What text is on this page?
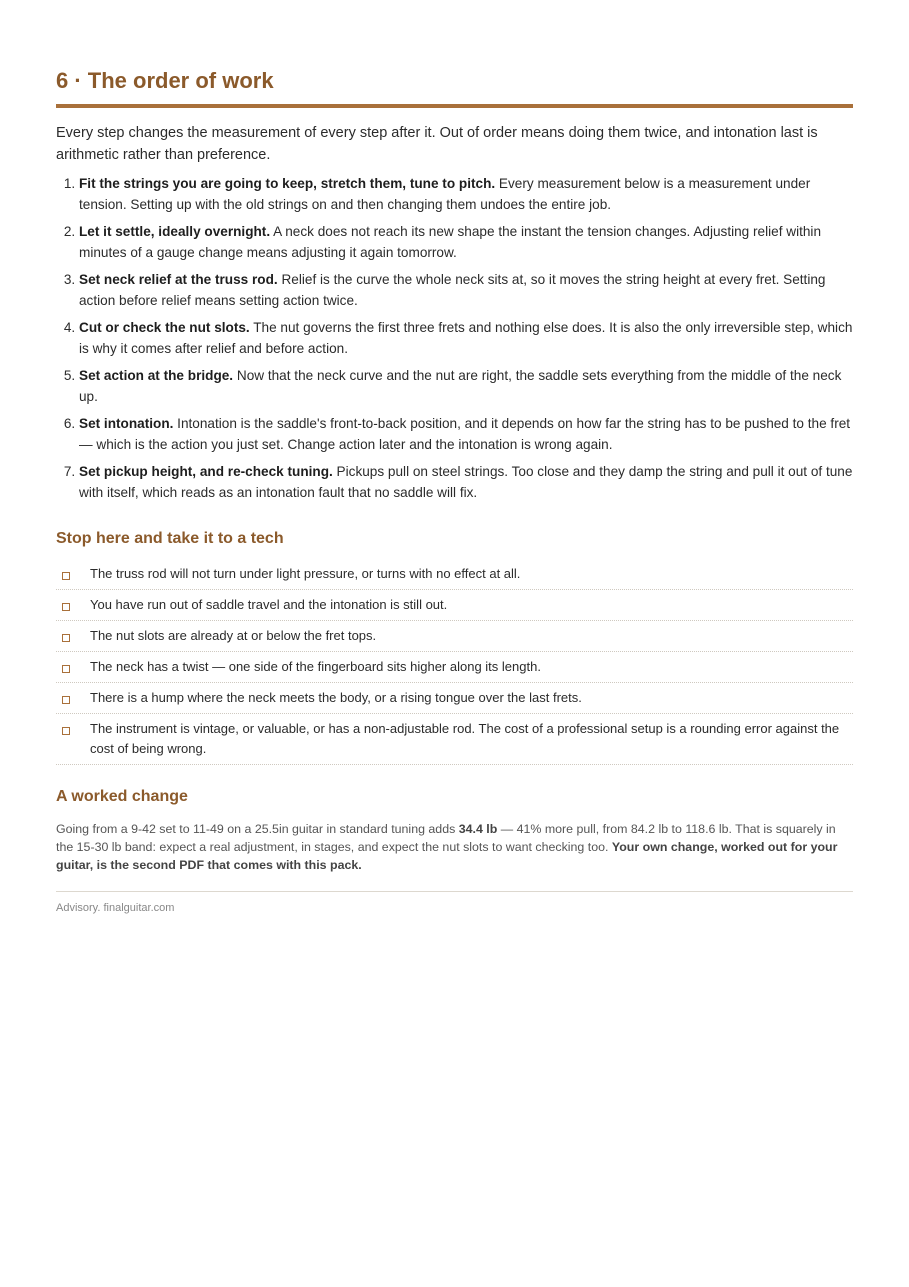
6 · The order of work

Every step changes the measurement of every step after it. Out of order means doing them twice, and intonation last is arithmetic rather than preference.

1. Fit the strings you are going to keep, stretch them, tune to pitch. Every measurement below is a measurement under tension. Setting up with the old strings on and then changing them undoes the entire job.
2. Let it settle, ideally overnight. A neck does not reach its new shape the instant the tension changes. Adjusting relief within minutes of a gauge change means adjusting it again tomorrow.
3. Set neck relief at the truss rod. Relief is the curve the whole neck sits at, so it moves the string height at every fret. Setting action before relief means setting action twice.
4. Cut or check the nut slots. The nut governs the first three frets and nothing else does. It is also the only irreversible step, which is why it comes after relief and before action.
5. Set action at the bridge. Now that the neck curve and the nut are right, the saddle sets everything from the middle of the neck up.
6. Set intonation. Intonation is the saddle's front-to-back position, and it depends on how far the string has to be pushed to the fret — which is the action you just set. Change action later and the intonation is wrong again.
7. Set pickup height, and re-check tuning. Pickups pull on steel strings. Too close and they damp the string and pull it out of tune with itself, which reads as an intonation fault that no saddle will fix.
Stop here and take it to a tech
The truss rod will not turn under light pressure, or turns with no effect at all.
You have run out of saddle travel and the intonation is still out.
The nut slots are already at or below the fret tops.
The neck has a twist — one side of the fingerboard sits higher along its length.
There is a hump where the neck meets the body, or a rising tongue over the last frets.
The instrument is vintage, or valuable, or has a non-adjustable rod. The cost of a professional setup is a rounding error against the cost of being wrong.
A worked change

Going from a 9-42 set to 11-49 on a 25.5in guitar in standard tuning adds 34.4 lb — 41% more pull, from 84.2 lb to 118.6 lb. That is squarely in the 15-30 lb band: expect a real adjustment, in stages, and expect the nut slots to want checking too. Your own change, worked out for your guitar, is the second PDF that comes with this pack.

Advisory. finalguitar.com
